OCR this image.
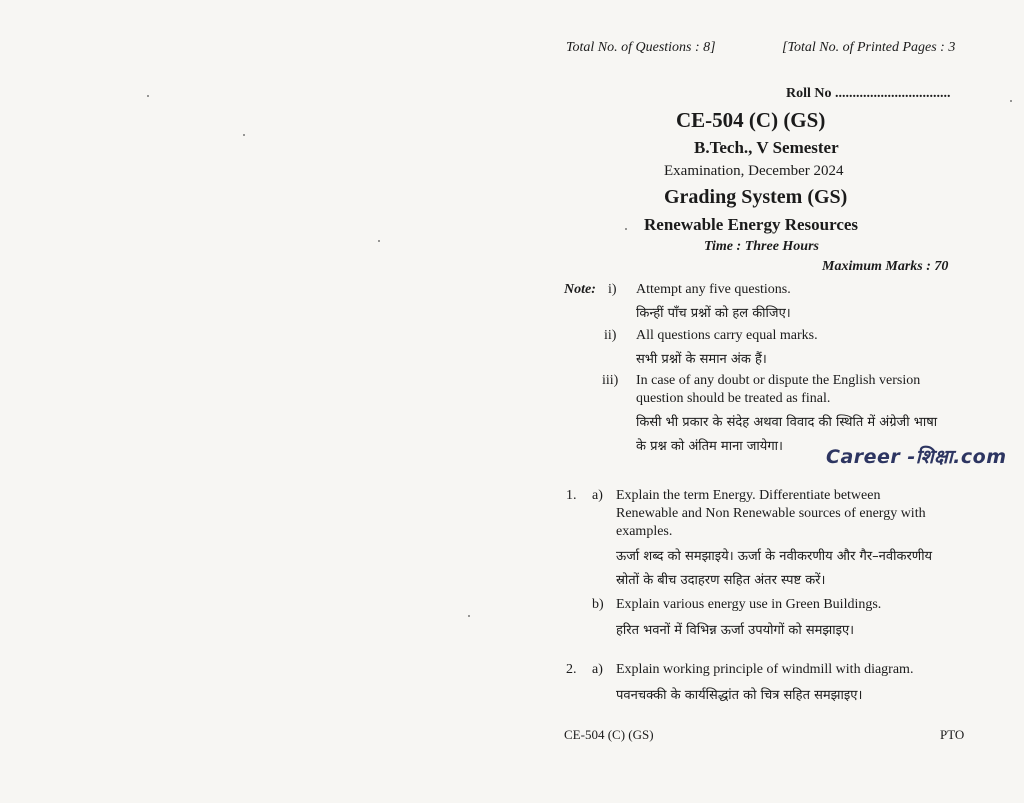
Total No. of Questions : 8]	[Total No. of Printed Pages : 3
Roll No .................................
CE-504 (C) (GS)
B.Tech., V Semester
Examination, December 2024
Grading System (GS)
Renewable Energy Resources
Time : Three Hours
Maximum Marks : 70
Note: i) Attempt any five questions.
किन्हीं पाँच प्रश्नों को हल कीजिए।
ii) All questions carry equal marks.
सभी प्रश्नों के समान अंक हैं।
iii) In case of any doubt or dispute the English version
question should be treated as final.
किसी भी प्रकार के संदेह अथवा विवाद की स्थिति में अंग्रेजी भाषा
के प्रश्न को अंतिम माना जायेगा। Career -शिक्षा.com
1. a) Explain the term Energy. Differentiate between
Renewable and Non Renewable sources of energy with
examples.
ऊर्जा शब्द को समझाइये। ऊर्जा के नवीकरणीय और गैर–नवीकरणीय
स्रोतों के बीच उदाहरण सहित अंतर स्पष्ट करें।
b) Explain various energy use in Green Buildings.
हरित भवनों में विभिन्न ऊर्जा उपयोगों को समझाइए।
2. a) Explain working principle of windmill with diagram.
पवनचक्की के कार्यसिद्धांत को चित्र सहित समझाइए।
CE-504 (C) (GS)	PTO
